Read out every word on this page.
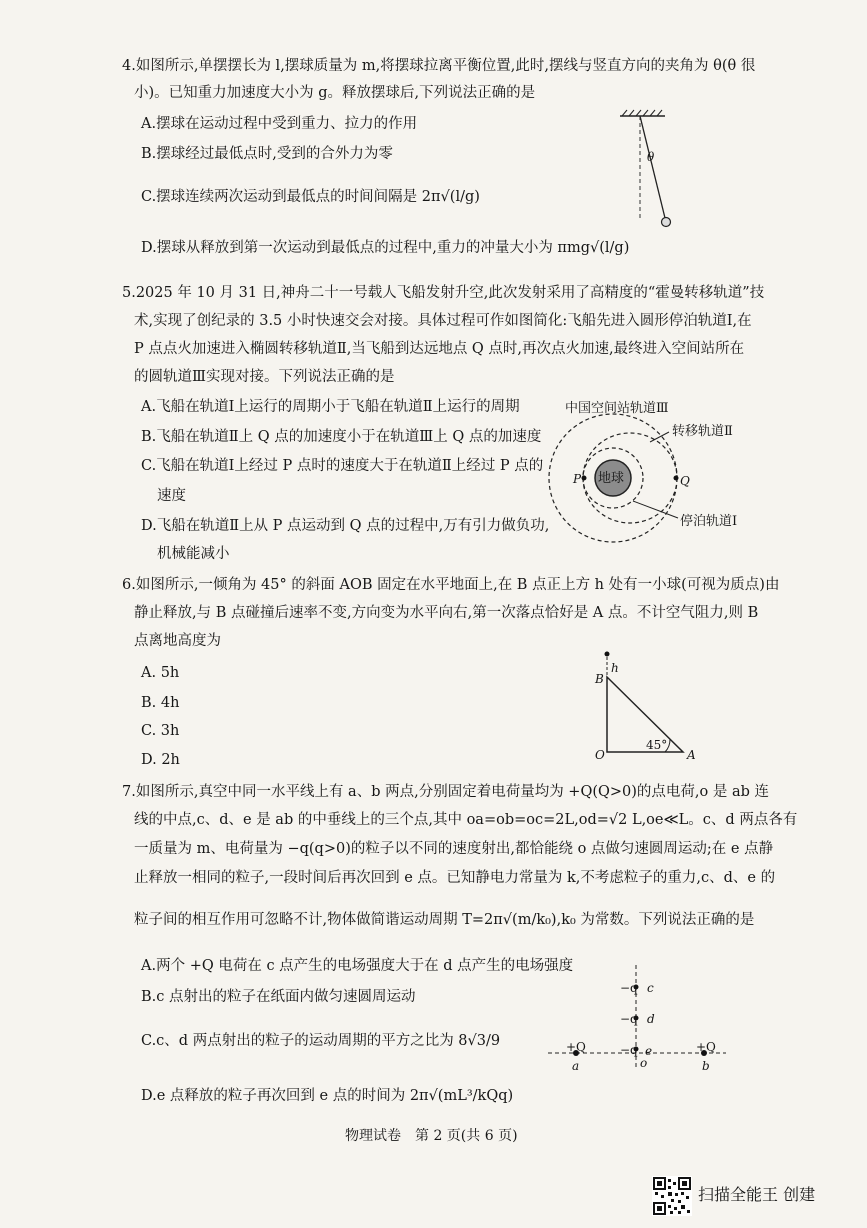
4.如图所示,单摆摆长为 l,摆球质量为 m,将摆球拉离平衡位置,此时,摆线与竖直方向的夹角为 θ(θ 很
小)。已知重力加速度大小为 g。释放摆球后,下列说法正确的是
A.摆球在运动过程中受到重力、拉力的作用
B.摆球经过最低点时,受到的合外力为零
C.摆球连续两次运动到最低点的时间间隔是 2π√(l/g)
D.摆球从释放到第一次运动到最低点的过程中,重力的冲量大小为 πmg√(l/g)
θ
5.2025 年 10 月 31 日,神舟二十一号载人飞船发射升空,此次发射采用了高精度的“霍曼转移轨道”技
术,实现了创纪录的 3.5 小时快速交会对接。具体过程可作如图简化:飞船先进入圆形停泊轨道Ⅰ,在
P 点点火加速进入椭圆转移轨道Ⅱ,当飞船到达远地点 Q 点时,再次点火加速,最终进入空间站所在
的圆轨道Ⅲ实现对接。下列说法正确的是
A.飞船在轨道Ⅰ上运行的周期小于飞船在轨道Ⅱ上运行的周期
B.飞船在轨道Ⅱ上 Q 点的加速度小于在轨道Ⅲ上 Q 点的加速度
C.飞船在轨道Ⅰ上经过 P 点时的速度大于在轨道Ⅱ上经过 P 点的
速度
D.飞船在轨道Ⅱ上从 P 点运动到 Q 点的过程中,万有引力做负功,
机械能减小
中国空间站轨道Ⅲ
转移轨道Ⅱ
地球
P	Q
停泊轨道Ⅰ
6.如图所示,一倾角为 45° 的斜面 AOB 固定在水平地面上,在 B 点正上方 h 处有一小球(可视为质点)由
静止释放,与 B 点碰撞后速率不变,方向变为水平向右,第一次落点恰好是 A 点。不计空气阻力,则 B
点离地高度为
A. 5h
B. 4h
C. 3h
D. 2h
h
B
O	A
45°
7.如图所示,真空中同一水平线上有 a、b 两点,分别固定着电荷量均为 +Q(Q>0)的点电荷,o 是 ab 连
线的中点,c、d、e 是 ab 的中垂线上的三个点,其中 oa=ob=oc=2L,od=√2 L,oe≪L。c、d 两点各有
一质量为 m、电荷量为 −q(q>0)的粒子以不同的速度射出,都恰能绕 o 点做匀速圆周运动;在 e 点静
止释放一相同的粒子,一段时间后再次回到 e 点。已知静电力常量为 k,不考虑粒子的重力,c、d、e 的
粒子间的相互作用可忽略不计,物体做简谐运动周期 T=2π√(m/k₀),k₀ 为常数。下列说法正确的是
A.两个 +Q 电荷在 c 点产生的电场强度大于在 d 点产生的电场强度
B.c 点射出的粒子在纸面内做匀速圆周运动
C.c、d 两点射出的粒子的运动周期的平方之比为 8√3/9
D.e 点释放的粒子再次回到 e 点的时间为 2π√(mL³/kQq)
−q c
−q d
−q e
o
+Q
a
+Q
b
物理试卷　第 2 页(共 6 页)
扫描全能王 创建
